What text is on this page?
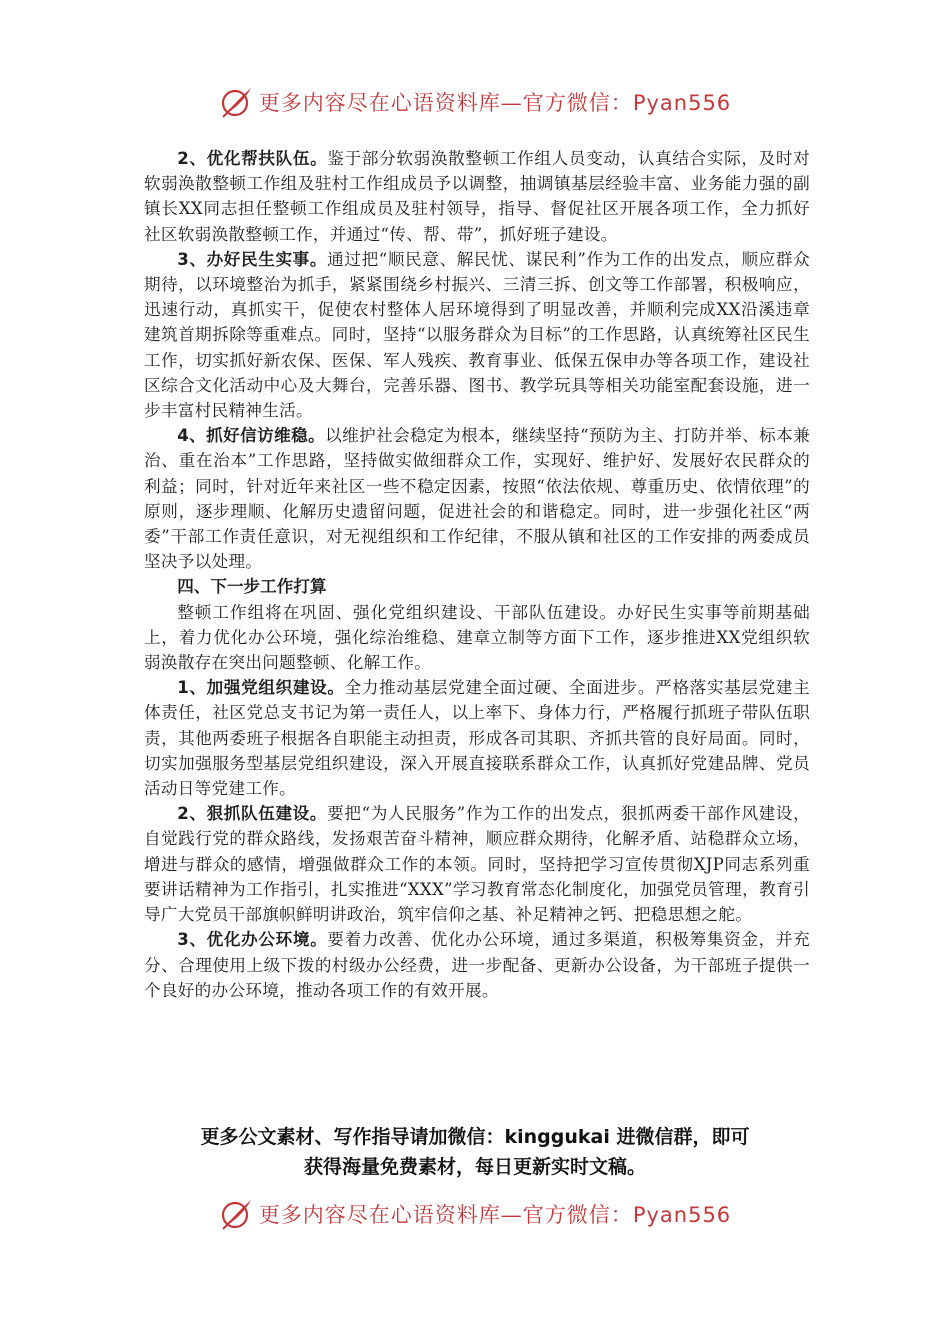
更多内容尽在心语资料库—官方微信：Pyan556

2、优化帮扶队伍。鉴于部分软弱涣散整顿工作组人员变动，认真结合实际，及时对软弱涣散整顿工作组及驻村工作组成员予以调整，抽调镇基层经验丰富、业务能力强的副镇长XX同志担任整顿工作组成员及驻村领导，指导、督促社区开展各项工作，全力抓好社区软弱涣散整顿工作，并通过“传、帮、带”，抓好班子建设。

3、办好民生实事。通过把“顺民意、解民忧、谋民利”作为工作的出发点，顺应群众期待，以环境整治为抓手，紧紧围绕乡村振兴、三清三拆、创文等工作部署，积极响应，迅速行动，真抓实干，促使农村整体人居环境得到了明显改善，并顺利完成XX沿溪违章建筑首期拆除等重难点。同时，坚持“以服务群众为目标”的工作思路，认真统筹社区民生工作，切实抓好新农保、医保、军人残疾、教育事业、低保五保申办等各项工作，建设社区综合文化活动中心及大舞台，完善乐器、图书、教学玩具等相关功能室配套设施，进一步丰富村民精神生活。

4、抓好信访维稳。以维护社会稳定为根本，继续坚持“预防为主、打防并举、标本兼治、重在治本”工作思路，坚持做实做细群众工作，实现好、维护好、发展好农民群众的利益；同时，针对近年来社区一些不稳定因素，按照“依法依规、尊重历史、依情依理”的原则，逐步理顺、化解历史遗留问题，促进社会的和谐稳定。同时，进一步强化社区“两委”干部工作责任意识，对无视组织和工作纪律，不服从镇和社区的工作安排的两委成员坚决予以处理。

四、下一步工作打算

整顿工作组将在巩固、强化党组织建设、干部队伍建设。办好民生实事等前期基础上，着力优化办公环境，强化综治维稳、建章立制等方面下工作，逐步推进XX党组织软弱涣散存在突出问题整顿、化解工作。

1、加强党组织建设。全力推动基层党建全面过硬、全面进步。严格落实基层党建主体责任，社区党总支书记为第一责任人，以上率下、身体力行，严格履行抓班子带队伍职责，其他两委班子根据各自职能主动担责，形成各司其职、齐抓共管的良好局面。同时，切实加强服务型基层党组织建设，深入开展直接联系群众工作，认真抓好党建品牌、党员活动日等党建工作。

2、狠抓队伍建设。要把“为人民服务”作为工作的出发点，狠抓两委干部作风建设，自觉践行党的群众路线，发扬艰苦奋斗精神，顺应群众期待，化解矛盾、站稳群众立场，增进与群众的感情，增强做群众工作的本领。同时，坚持把学习宣传贯彻XJP同志系列重要讲话精神为工作指引，扎实推进“XXX”学习教育常态化制度化，加强党员管理，教育引导广大党员干部旗帜鲜明讲政治，筑牢信仰之基、补足精神之钙、把稳思想之舵。

3、优化办公环境。要着力改善、优化办公环境，通过多渠道，积极筹集资金，并充分、合理使用上级下拨的村级办公经费，进一步配备、更新办公设备，为干部班子提供一个良好的办公环境，推动各项工作的有效开展。

更多公文素材、写作指导请加微信：kinggukai 进微信群，即可
获得海量免费素材，每日更新实时文稿。
更多内容尽在心语资料库—官方微信：Pyan556
